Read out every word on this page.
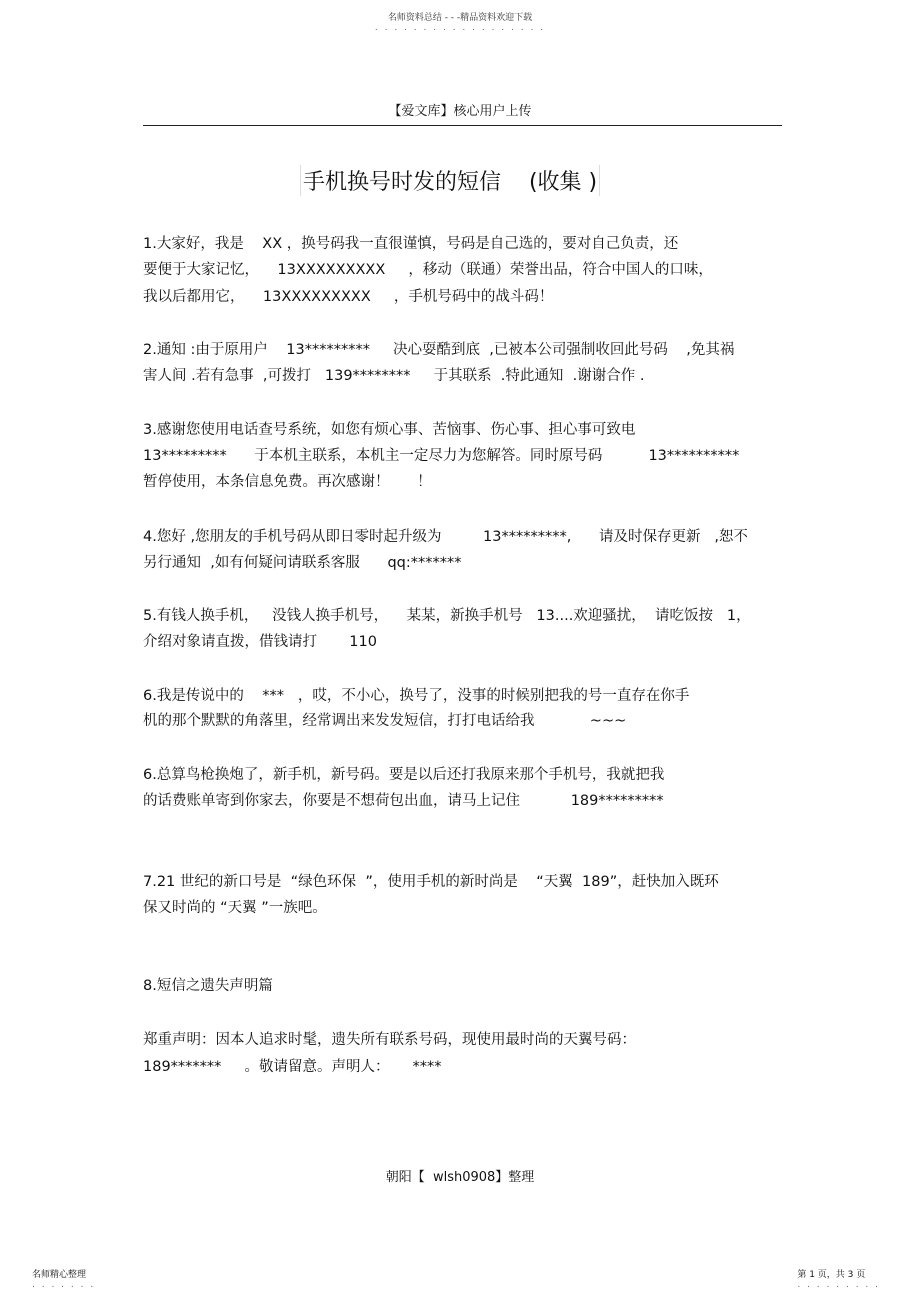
名师资料总结 - - -精品资料欢迎下载
. . . . . . . . . . . . . . . . . .
【爱文库】核心用户上传
手机换号时发的短信    (收集 )
1.大家好，我是    XX ，换号码我一直很谨慎，号码是自己选的，要对自己负责，还
要便于大家记忆，    13XXXXXXXXX     ，移动（联通）荣誉出品，符合中国人的口味，
我以后都用它，    13XXXXXXXXX     ，手机号码中的战斗码！
2.通知 :由于原用户    13*********     决心耍酷到底  ,已被本公司强制收回此号码    ,免其祸
害人间 .若有急事  ,可拨打   139********     于其联系  .特此通知  .谢谢合作 .
3.感谢您使用电话查号系统，如您有烦心事、苦恼事、伤心事、担心事可致电
13*********      于本机主联系，本机主一定尽力为您解答。同时原号码          13**********
暂停使用，本条信息免费。再次感谢！      ！
4.您好 ,您朋友的手机号码从即日零时起升级为         13*********,      请及时保存更新   ,恕不
另行通知  ,如有何疑问请联系客服      qq:*******
5.有钱人换手机，   没钱人换手机号，    某某，新换手机号   13....欢迎骚扰，  请吃饭按   1，
介绍对象请直拨，借钱请打       110
6.我是传说中的    ***   ，哎，不小心，换号了，没事的时候别把我的号一直存在你手
机的那个默默的角落里，经常调出来发发短信，打打电话给我            ~~~
6.总算鸟枪换炮了，新手机，新号码。要是以后还打我原来那个手机号，我就把我
的话费账单寄到你家去，你要是不想荷包出血，请马上记住           189*********
7.21 世纪的新口号是  “绿色环保  ”，使用手机的新时尚是    “天翼  189”，赶快加入既环
保又时尚的 “天翼 ”一族吧。
8.短信之遗失声明篇
郑重声明：因本人追求时髦，遗失所有联系号码，现使用最时尚的天翼号码：
189*******     。敬请留意。声明人：     ****
朝阳【  wlsh0908】整理
名师精心整理
. . . . . . .
第 1 页，共 3 页
. . . . . . . . .
